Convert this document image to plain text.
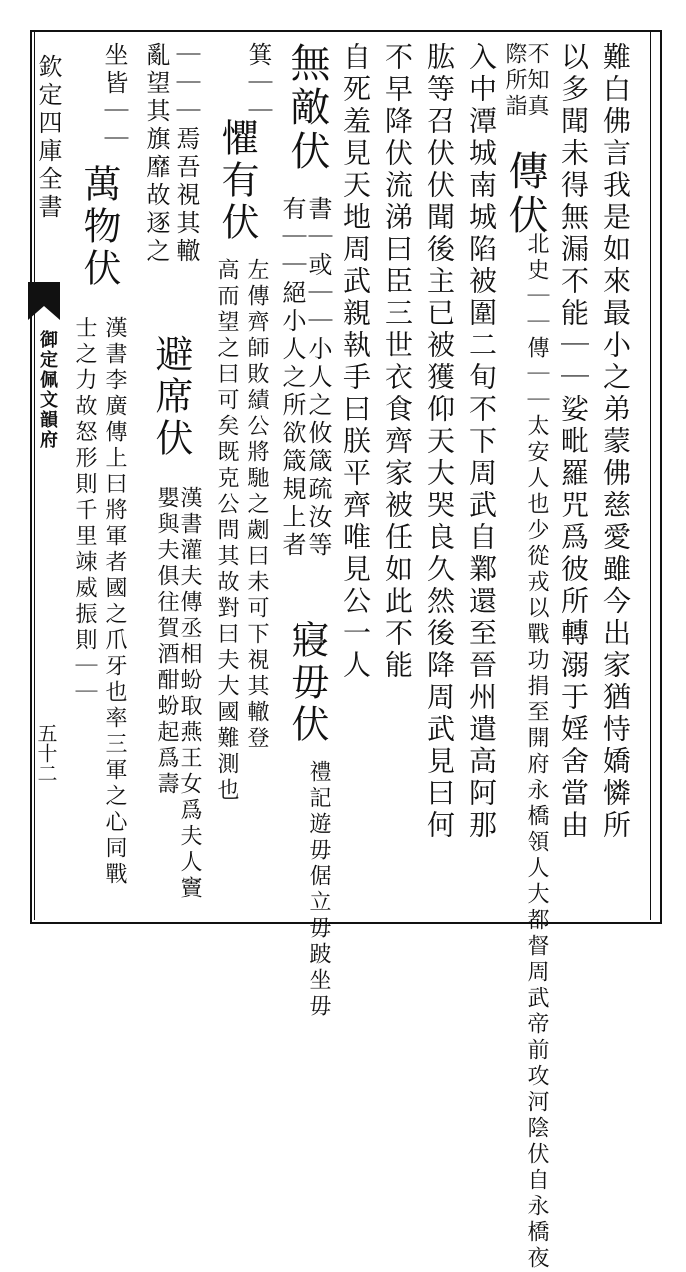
欽定四庫全書
御定佩文韻府
五十二	難白佛言我是如來最小之弟蒙佛慈愛雖今出家猶恃嬌憐所
以多聞未得無漏不能｜｜娑毗羅咒爲彼所轉溺于婬舍當由
不知真
際所詣
傳伏
北史｜｜傳｜｜太安人也少從戎以戰功捐至開府永橋領人大都督周武帝前攻河陰伏自永橋夜
入中潭城南城陷被圍二旬不下周武自鄴還至晉州遣高阿那
肱等召伏伏聞後主已被獲仰天大哭良久然後降周武見曰何
不早降伏流涕曰臣三世衣食齊家被任如此不能
自死羞見天地周武親執手曰朕平齊唯見公一人
無敵伏
書｜或｜｜小人之攸箴疏汝等
有｜｜絕小人之所欲箴規上者
寢毋伏
禮記遊毋倨立毋跛坐毋
箕｜｜
懼有伏
左傳齊師敗績公將馳之劌曰未可下視其轍登
高而望之曰可矣既克公問其故對曰夫大國難測也
｜｜｜焉吾視其轍
亂望其旗靡故逐之
避席伏
漢書灌夫傳丞相蚡取燕王女爲夫人竇嬰與夫俱往賀酒酣蚡起爲壽
坐皆｜｜
萬物伏
漢書李廣傳上曰將軍者國之爪牙也率三軍之心同戰士之力故怒形則千里竦威振則｜｜
